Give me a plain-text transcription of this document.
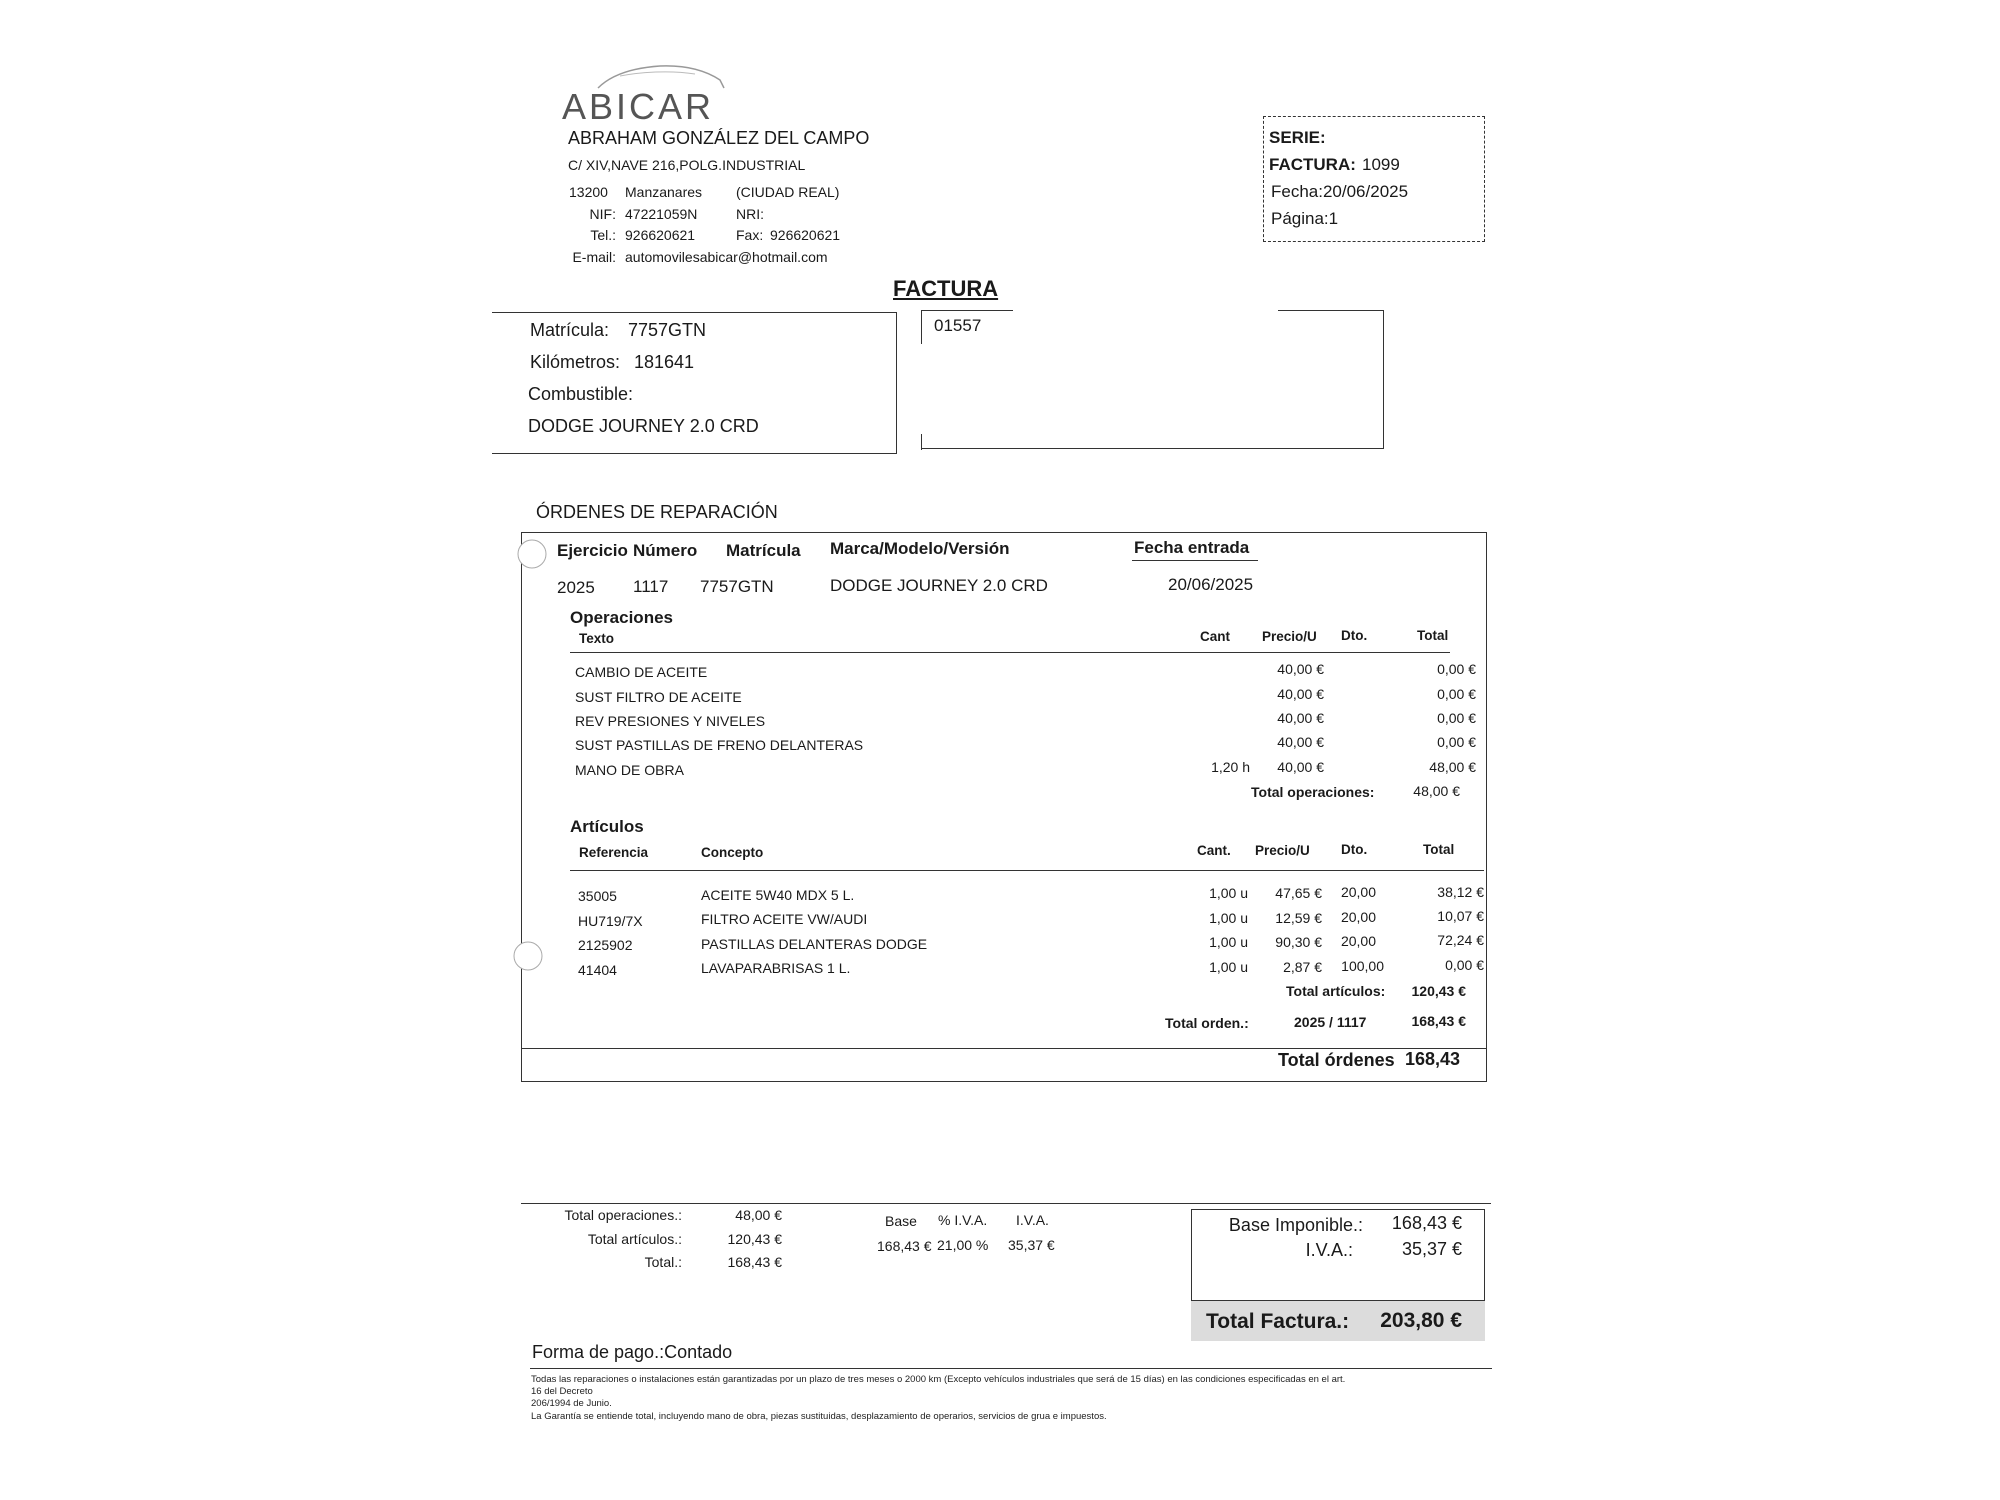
ABICAR
ABRAHAM GONZÁLEZ DEL CAMPO
C/ XIV,NAVE 216,POLG.INDUSTRIAL
13200 Manzanares (CIUDAD REAL)
NIF: 47221059N	NRI:
Tel.: 926620621	Fax: 926620621
E-mail: automovilesabicar@hotmail.com
SERIE:
FACTURA: 1099
Fecha:20/06/2025
Página:1
FACTURA
Matrícula: 7757GTN
Kilómetros: 181641
Combustible:
DODGE JOURNEY 2.0 CRD
01557
ÓRDENES DE REPARACIÓN
Ejercicio Número Matrícula Marca/Modelo/Versión	Fecha entrada
2025 1117 7757GTN	DODGE JOURNEY 2.0 CRD	20/06/2025
Operaciones
Texto	Cant Precio/U Dto.	Total
CAMBIO DE ACEITE	40,00 €	0,00 €
SUST FILTRO DE ACEITE	40,00 €	0,00 €
REV PRESIONES Y NIVELES	40,00 €	0,00 €
SUST PASTILLAS DE FRENO DELANTERAS	40,00 €	0,00 €
MANO DE OBRA	1,20 h	40,00 €	48,00 €
Total operaciones:	48,00 €
Artículos
Referencia	Concepto	Cant. Precio/U Dto.	Total
35005	ACEITE 5W40 MDX 5 L.	1,00 u	47,65 €	20,00	38,12 €
HU719/7X	FILTRO ACEITE VW/AUDI	1,00 u	12,59 €	20,00	10,07 €
2125902	PASTILLAS DELANTERAS DODGE	1,00 u	90,30 €	20,00	72,24 €
41404	LAVAPARABRISAS 1 L.	1,00 u	2,87 €	100,00	0,00 €
Total artículos:	120,43 €
Total orden.:	2025 / 1117	168,43 €
Total órdenes 168,43
Total operaciones.:	48,00 €
Total artículos.:	120,43 €
Total.:	168,43 €
Base % I.V.A. I.V.A.
168,43 € 21,00 % 35,37 €
Base Imponible.:	168,43 €
I.V.A.:	35,37 €
Total Factura.:	203,80 €
Forma de pago.:Contado
Todas las reparaciones o instalaciones están garantizadas por un plazo de tres meses o 2000 km (Excepto vehículos industriales que será de 15 días) en las condiciones especificadas en el art.
16 del Decreto
206/1994 de Junio.
La Garantía se entiende total, incluyendo mano de obra, piezas sustituidas, desplazamiento de operarios, servicios de grua e impuestos.
